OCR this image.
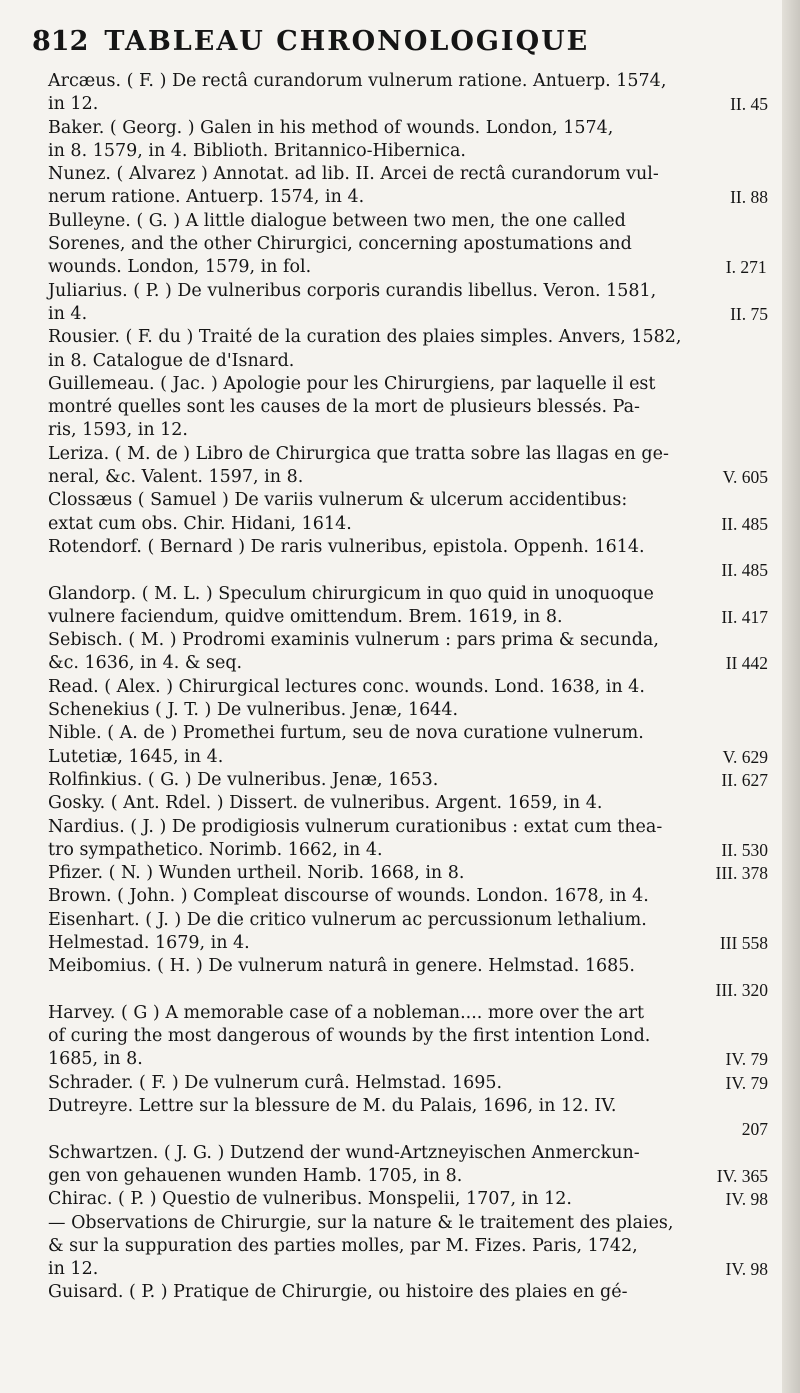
812 TABLEAU CHRONOLOGIQUE
Arcæus. ( F. ) De rectâ curandorum vulnerum ratione. Antuerp. 1574,
in 12.	II. 45
Baker. ( Georg. ) Galen in his method of wounds. London, 1574,
in 8. 1579, in 4. Biblioth. Britannico-Hibernica.
Nunez. ( Alvarez ) Annotat. ad lib. II. Arcei de rectâ curandorum vul-
nerum ratione. Antuerp. 1574, in 4.	II. 88
Bulleyne. ( G. ) A little dialogue between two men, the one called
Sorenes, and the other Chirurgici, concerning apostumations and
wounds. London, 1579, in fol.	I. 271
Juliarius. ( P. ) De vulneribus corporis curandis libellus. Veron. 1581,
in 4.	II. 75
Rousier. ( F. du ) Traité de la curation des plaies simples. Anvers, 1582,
in 8. Catalogue de d'Isnard.
Guillemeau. ( Jac. ) Apologie pour les Chirurgiens, par laquelle il est
montré quelles sont les causes de la mort de plusieurs blessés. Pa-
ris, 1593, in 12.
Leriza. ( M. de ) Libro de Chirurgica que tratta sobre las llagas en ge-
neral, &c. Valent. 1597, in 8.	V. 605
Clossæus ( Samuel ) De variis vulnerum & ulcerum accidentibus:
extat cum obs. Chir. Hidani, 1614.	II. 485
Rotendorf. ( Bernard ) De raris vulneribus, epistola. Oppenh. 1614.
II. 485
Glandorp. ( M. L. ) Speculum chirurgicum in quo quid in unoquoque
vulnere faciendum, quidve omittendum. Brem. 1619, in 8.	II. 417
Sebisch. ( M. ) Prodromi examinis vulnerum : pars prima & secunda,
&c. 1636, in 4. & seq.	II 442
Read. ( Alex. ) Chirurgical lectures conc. wounds. Lond. 1638, in 4.
Schenekius ( J. T. ) De vulneribus. Jenæ, 1644.
Nible. ( A. de ) Promethei furtum, seu de nova curatione vulnerum.
Lutetiæ, 1645, in 4.	V. 629
Rolfinkius. ( G. ) De vulneribus. Jenæ, 1653.	II. 627
Gosky. ( Ant. Rdel. ) Dissert. de vulneribus. Argent. 1659, in 4.
Nardius. ( J. ) De prodigiosis vulnerum curationibus : extat cum thea-
tro sympathetico. Norimb. 1662, in 4.	II. 530
Pfizer. ( N. ) Wunden urtheil. Norib. 1668, in 8.	III. 378
Brown. ( John. ) Compleat discourse of wounds. London. 1678, in 4.
Eisenhart. ( J. ) De die critico vulnerum ac percussionum lethalium.
Helmestad. 1679, in 4.	III 558
Meibomius. ( H. ) De vulnerum naturâ in genere. Helmstad. 1685.
III. 320
Harvey. ( G ) A memorable case of a nobleman.... more over the art
of curing the most dangerous of wounds by the first intention Lond.
1685, in 8.	IV. 79
Schrader. ( F. ) De vulnerum curâ. Helmstad. 1695.	IV. 79
Dutreyre. Lettre sur la blessure de M. du Palais, 1696, in 12. IV.
207
Schwartzen. ( J. G. ) Dutzend der wund-Artzneyischen Anmerckun-
gen von gehauenen wunden Hamb. 1705, in 8.	IV. 365
Chirac. ( P. ) Questio de vulneribus. Monspelii, 1707, in 12.	IV. 98
— Observations de Chirurgie, sur la nature & le traitement des plaies,
& sur la suppuration des parties molles, par M. Fizes. Paris, 1742,
in 12.	IV. 98
Guisard. ( P. ) Pratique de Chirurgie, ou histoire des plaies en gé-
